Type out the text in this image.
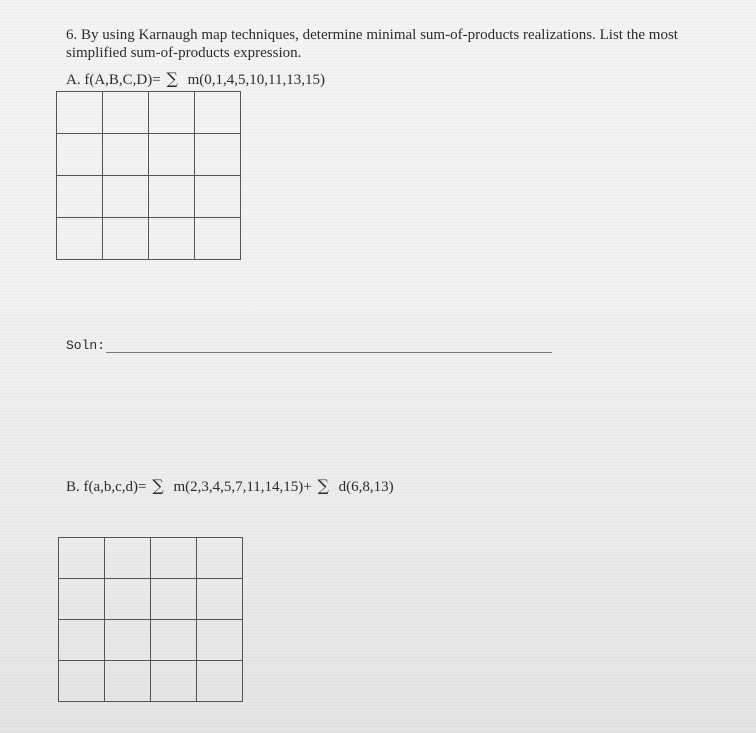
6. By using Karnaugh map techniques, determine minimal sum-of-products realizations. List the most simplified sum-of-products expression.

A. f(A,B,C,D)= ∑ m(0,1,4,5,10,11,13,15)

Soln:
B. f(a,b,c,d)= ∑ m(2,3,4,5,7,11,14,15)+ ∑ d(6,8,13)
